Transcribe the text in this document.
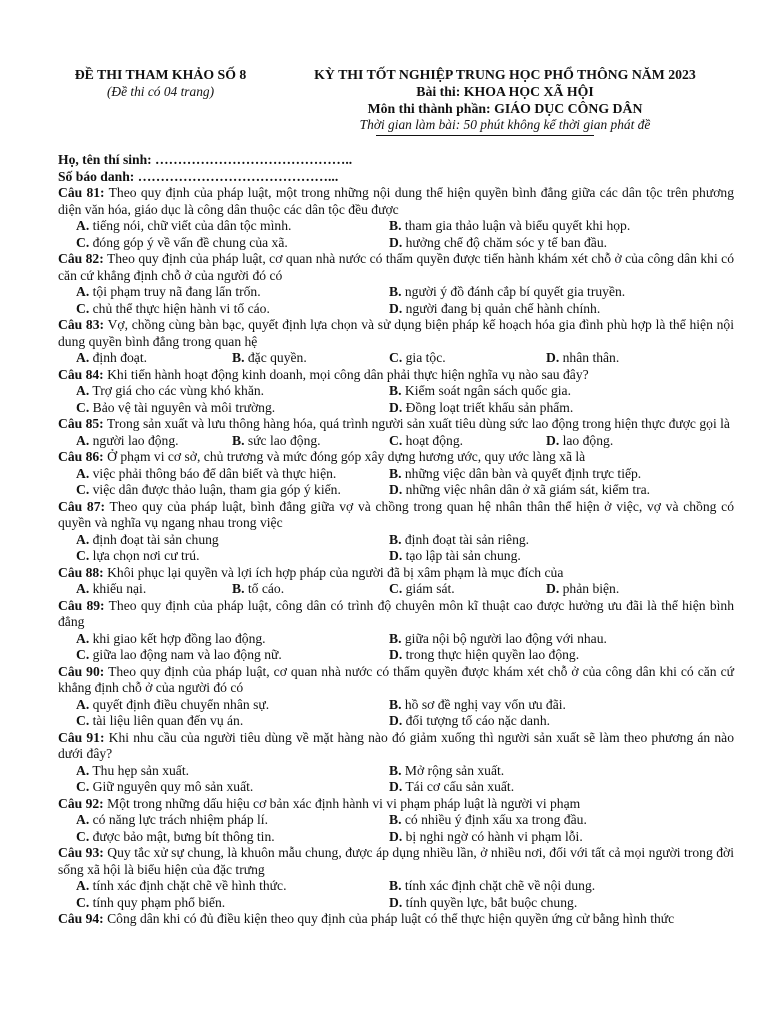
ĐỀ THI THAM KHẢO SỐ 8
(Đề thi có 04 trang)
KỲ THI TỐT NGHIỆP TRUNG HỌC PHỔ THÔNG NĂM 2023
Bài thi: KHOA HỌC XÃ HỘI
Môn thi thành phần: GIÁO DỤC CÔNG DÂN
Thời gian làm bài: 50 phút không kể thời gian phát đề
Họ, tên thí sinh: ……………………………………..
Số báo danh: ……………………………………...
Câu 81: Theo quy định của pháp luật, một trong những nội dung thể hiện quyền bình đẳng giữa các dân tộc trên phương diện văn hóa, giáo dục là công dân thuộc các dân tộc đều được
A. tiếng nói, chữ viết của dân tộc mình.	B. tham gia thảo luận và biểu quyết khi họp.
C. đóng góp ý về vấn đề chung của xã.	D. hưởng chế độ chăm sóc y tế ban đầu.
Câu 82: Theo quy định của pháp luật, cơ quan nhà nước có thẩm quyền được tiến hành khám xét chỗ ở của công dân khi có căn cứ khẳng định chỗ ở của người đó có
A. tội phạm truy nã đang lẩn trốn.	B. người ý đồ đánh cắp bí quyết gia truyền.
C. chủ thể thực hiện hành vi tố cáo.	D. người đang bị quản chế hành chính.
Câu 83: Vợ, chồng cùng bàn bạc, quyết định lựa chọn và sử dụng biện pháp kế hoạch hóa gia đình phù hợp là thể hiện nội dung quyền bình đẳng trong quan hệ
A. định đoạt.	B. đặc quyền.	C. gia tộc.	D. nhân thân.
Câu 84: Khi tiến hành hoạt động kinh doanh, mọi công dân phải thực hiện nghĩa vụ nào sau đây?
A. Trợ giá cho các vùng khó khăn.	B. Kiểm soát ngân sách quốc gia.
C. Bảo vệ tài nguyên và môi trường.	D. Đồng loạt triết khấu sản phẩm.
Câu 85: Trong sản xuất và lưu thông hàng hóa, quá trình người sản xuất tiêu dùng sức lao động trong hiện thực được gọi là
A. người lao động.	B. sức lao động.	C. hoạt động.	D. lao động.
Câu 86: Ở phạm vi cơ sở, chủ trương và mức đóng góp xây dựng hương ước, quy ước làng xã là
A. việc phải thông báo để dân biết và thực hiện.	B. những việc dân bàn và quyết định trực tiếp.
C. việc dân được thảo luận, tham gia góp ý kiến.	D. những việc nhân dân ở xã giám sát, kiểm tra.
Câu 87: Theo quy của pháp luật, bình đẳng giữa vợ và chồng trong quan hệ nhân thân thể hiện ở việc, vợ và chồng có quyền và nghĩa vụ ngang nhau trong việc
A. định đoạt tài sản chung	B. định đoạt tài sản riêng.
C. lựa chọn nơi cư trú.	D. tạo lập tài sản chung.
Câu 88: Khôi phục lại quyền và lợi ích hợp pháp của người đã bị xâm phạm là mục đích của
A. khiếu nại.	B. tố cáo.	C. giám sát.	D. phản biện.
Câu 89: Theo quy định của pháp luật, công dân có trình độ chuyên môn kĩ thuật cao được hưởng ưu đãi là thể hiện bình đẳng
A. khi giao kết hợp đồng lao động.	B. giữa nội bộ người lao động với nhau.
C. giữa lao động nam và lao động nữ.	D. trong thực hiện quyền lao động.
Câu 90: Theo quy định của pháp luật, cơ quan nhà nước có thẩm quyền được khám xét chỗ ở của công dân khi có căn cứ khẳng định chỗ ở của người đó có
A. quyết định điều chuyển nhân sự.	B. hồ sơ đề nghị vay vốn ưu đãi.
C. tài liệu liên quan đến vụ án.	D. đối tượng tố cáo nặc danh.
Câu 91: Khi nhu cầu của người tiêu dùng về mặt hàng nào đó giảm xuống thì người sản xuất sẽ làm theo phương án nào dưới đây?
A. Thu hẹp sản xuất.	B. Mở rộng sản xuất.
C. Giữ nguyên quy mô sản xuất.	D. Tái cơ cấu sản xuất.
Câu 92: Một trong những dấu hiệu cơ bản xác định hành vi vi phạm pháp luật là người vi phạm
A. có năng lực trách nhiệm pháp lí.	B. có nhiều ý định xấu xa trong đầu.
C. được bảo mật, bưng bít thông tin.	D. bị nghi ngờ có hành vi phạm lỗi.
Câu 93: Quy tắc xử sự chung, là khuôn mẫu chung, được áp dụng nhiều lần, ở nhiều nơi, đối với tất cả mọi người trong đời sống xã hội là biểu hiện của đặc trưng
A. tính xác định chặt chẽ về hình thức.	B. tính xác định chặt chẽ về nội dung.
C. tính quy phạm phổ biến.	D. tính quyền lực, bắt buộc chung.
Câu 94: Công dân khi có đủ điều kiện theo quy định của pháp luật có thể thực hiện quyền ứng cử bằng hình thức
